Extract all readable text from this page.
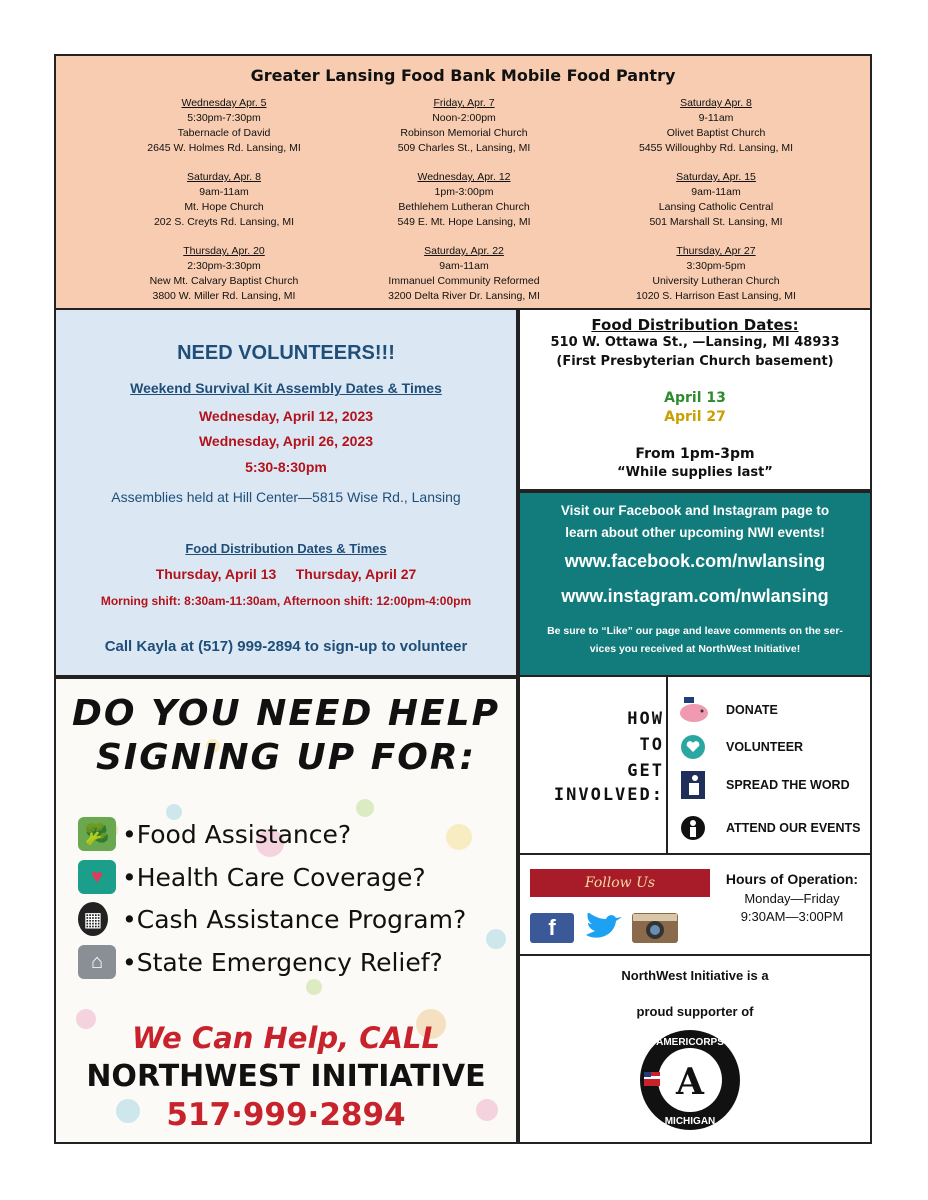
Greater Lansing Food Bank Mobile Food Pantry
Wednesday Apr. 5
5:30pm-7:30pm
Tabernacle of David
2645 W. Holmes Rd. Lansing, MI
Friday, Apr. 7
Noon-2:00pm
Robinson Memorial Church
509 Charles St., Lansing, MI
Saturday Apr. 8
9-11am
Olivet Baptist Church
5455 Willoughby Rd. Lansing, MI
Saturday, Apr. 8
9am-11am
Mt. Hope Church
202 S. Creyts Rd. Lansing, MI
Wednesday, Apr. 12
1pm-3:00pm
Bethlehem Lutheran Church
549 E. Mt. Hope Lansing, MI
Saturday, Apr. 15
9am-11am
Lansing Catholic Central
501 Marshall St. Lansing, MI
Thursday, Apr. 20
2:30pm-3:30pm
New Mt. Calvary Baptist Church
3800 W. Miller Rd. Lansing, MI
Saturday, Apr. 22
9am-11am
Immanuel Community Reformed
3200 Delta River Dr. Lansing, MI
Thursday, Apr 27
3:30pm-5pm
University Lutheran Church
1020 S. Harrison East Lansing, MI
NEED VOLUNTEERS!!!
Weekend Survival Kit Assembly Dates & Times
Wednesday, April 12, 2023
Wednesday, April 26, 2023
5:30-8:30pm
Assemblies held at Hill Center—5815 Wise Rd., Lansing
Food Distribution Dates & Times
Thursday, April 13     Thursday, April 27
Morning shift: 8:30am-11:30am, Afternoon shift: 12:00pm-4:00pm
Call Kayla at (517) 999-2894 to sign-up to volunteer
Food Distribution Dates:
510 W. Ottawa St., —Lansing, MI 48933
(First Presbyterian Church basement)
April 13
April 27
From 1pm-3pm
“While supplies last”
Visit our Facebook and Instagram page to
learn about other upcoming NWI events!
www.facebook.com/nwlansing
www.instagram.com/nwlansing
Be sure to “Like” our page and leave comments on the ser-
vices you received at NorthWest Initiative!
DO YOU NEED HELP
SIGNING UP FOR:
🥦 •Food Assistance?
♥ •Health Care Coverage?
▦ •Cash Assistance Program?
⌂ •State Emergency Relief?
We Can Help, CALL
NORTHWEST INITIATIVE
517·999·2894
HOW
TO
GET
INVOLVED:
DONATE
VOLUNTEER
SPREAD THE WORD
ATTEND OUR EVENTS
Follow Us
f
Hours of Operation:
Monday—Friday
9:30AM—3:00PM
NorthWest Initiative is a
proud supporter of
A
AMERICORPS
MICHIGAN
